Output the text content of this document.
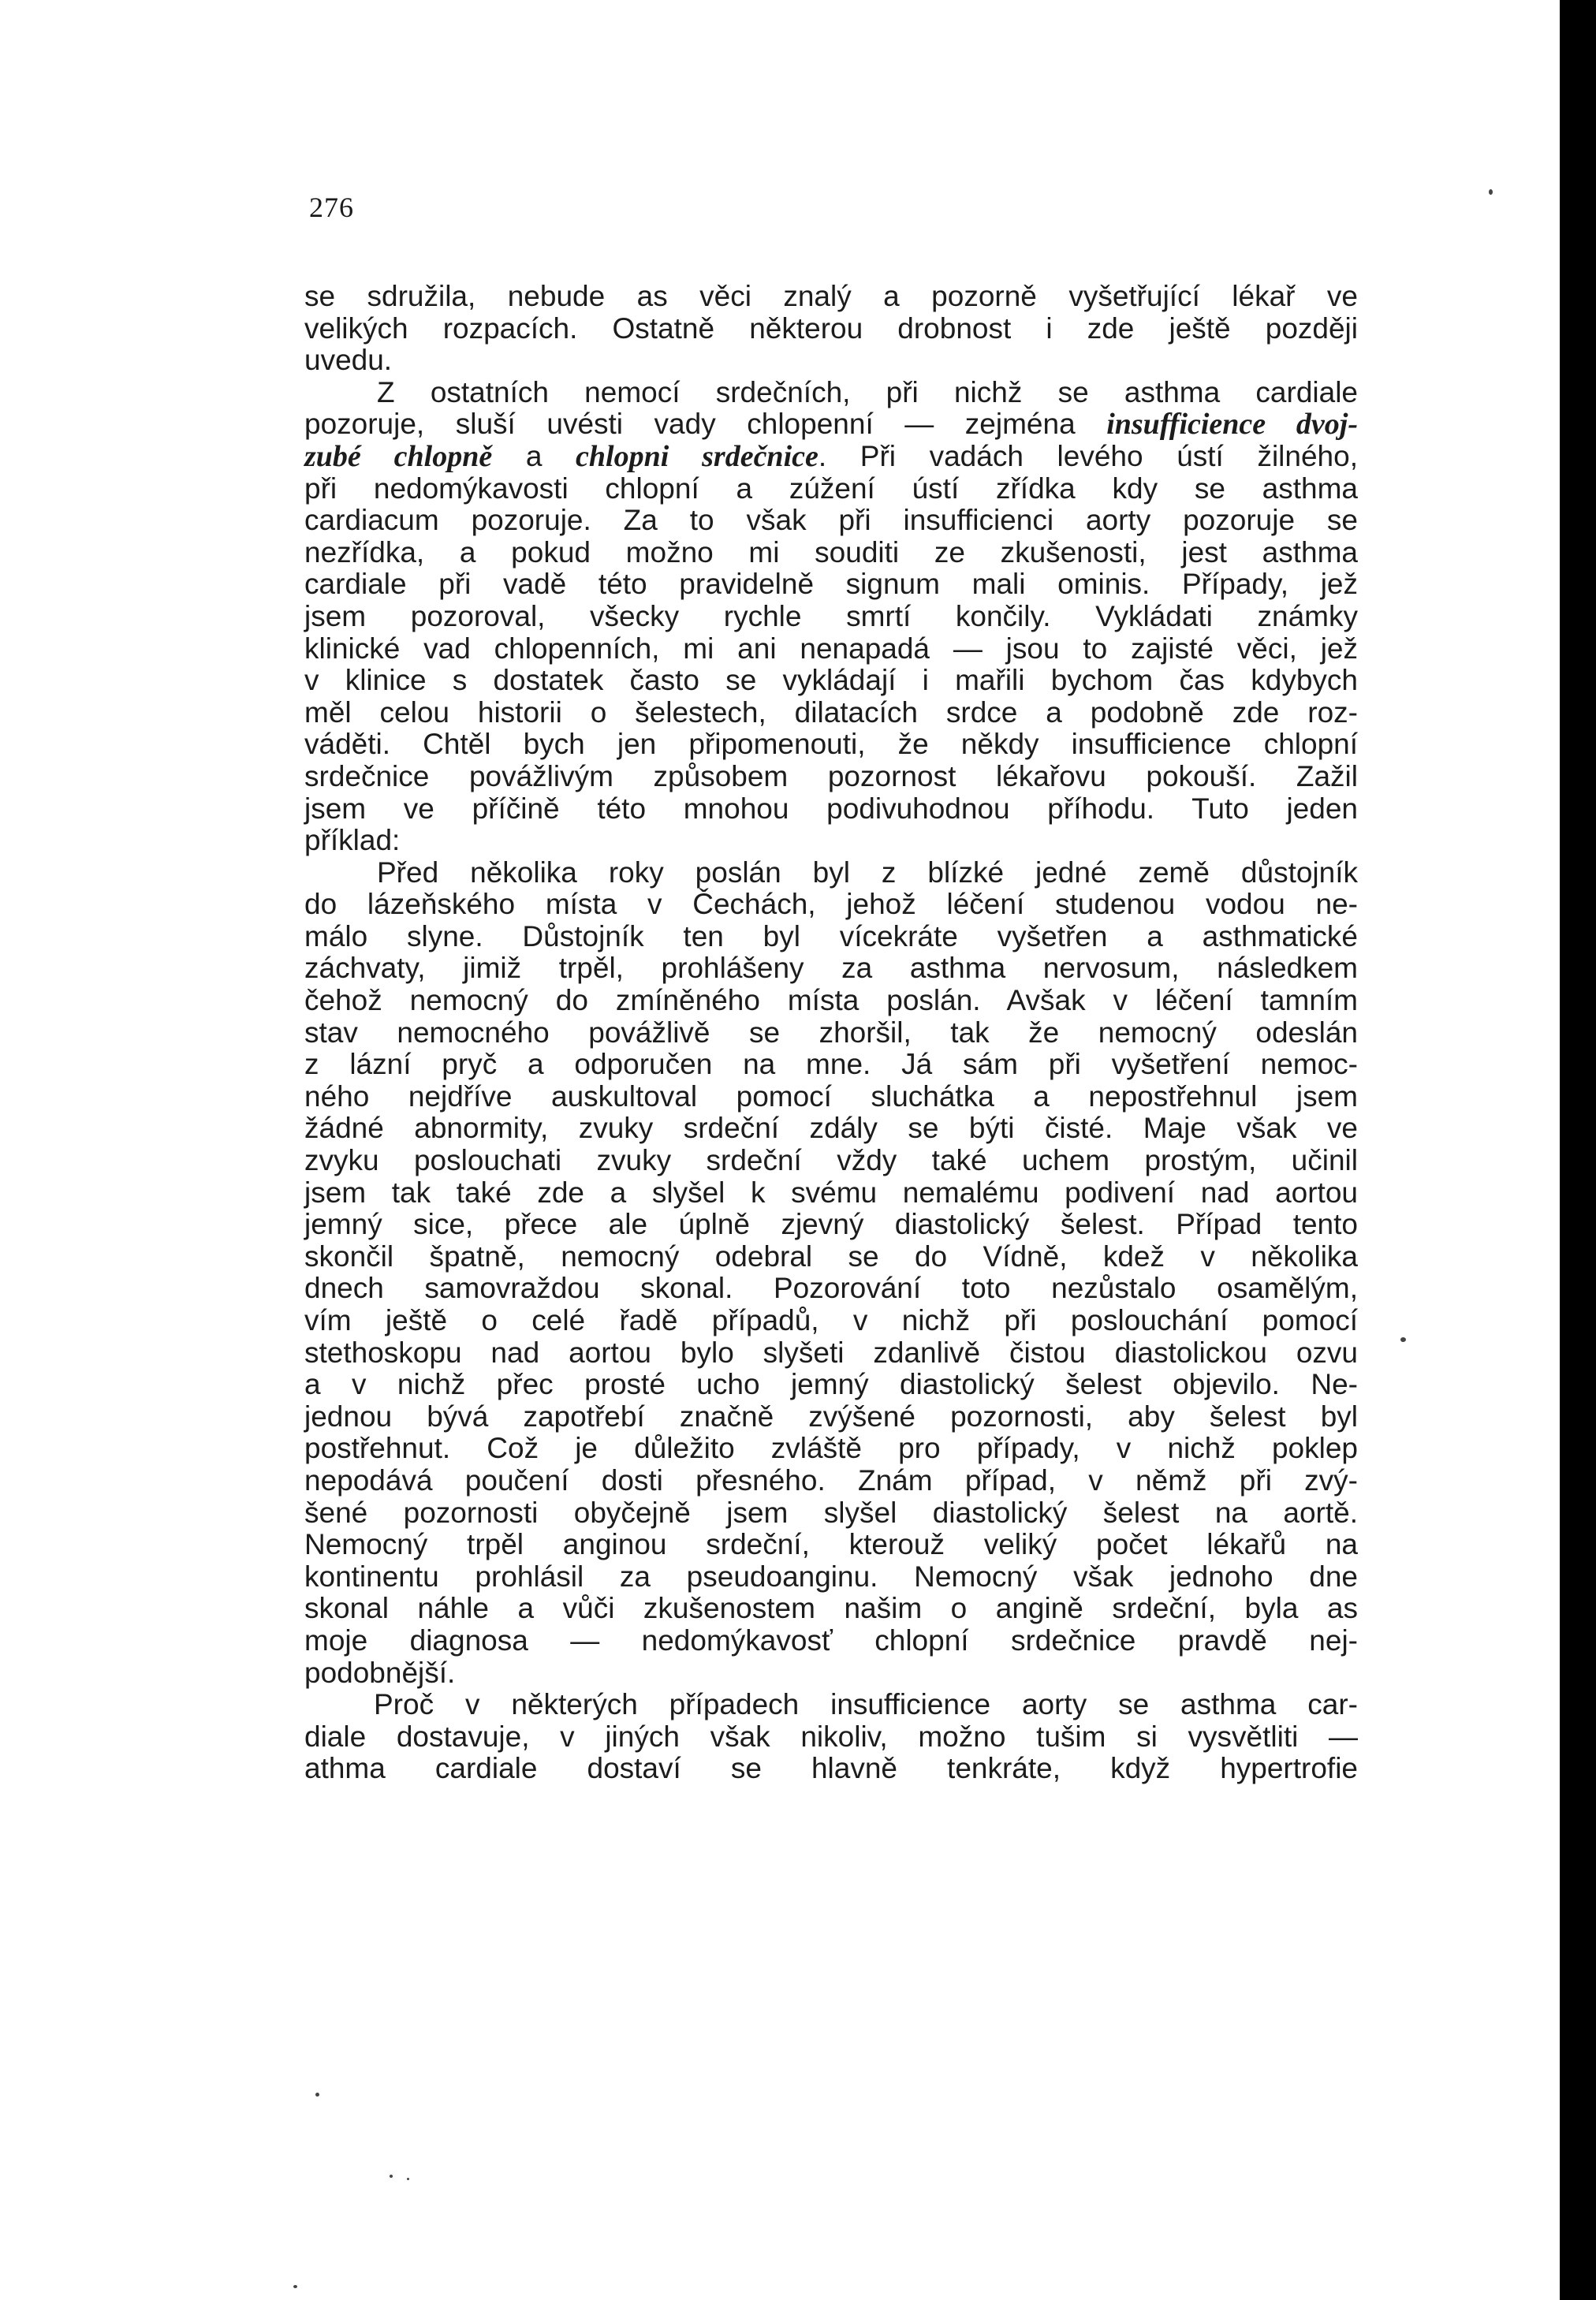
276
se sdružila, nebude as věci znalý a pozorně vyšetřující lékař ve
velikých rozpacích. Ostatně některou drobnost i zde ještě později
uvedu.
Z ostatních nemocí srdečních, při nichž se asthma cardiale
pozoruje, sluší uvésti vady chlopenní — zejména insufficience dvoj-
zubé chlopně a chlopni srdečnice. Při vadách levého ústí žilného,
při nedomýkavosti chlopní a zúžení ústí zřídka kdy se asthma
cardiacum pozoruje. Za to však při insufficienci aorty pozoruje se
nezřídka, a pokud možno mi souditi ze zkušenosti, jest asthma
cardiale při vadě této pravidelně signum mali ominis. Případy, jež
jsem pozoroval, všecky rychle smrtí končily. Vykládati známky
klinické vad chlopenních, mi ani nenapadá — jsou to zajisté věci, jež
v klinice s dostatek často se vykládají i mařili bychom čas kdybych
měl celou historii o šelestech, dilatacích srdce a podobně zde roz-
váděti. Chtěl bych jen připomenouti, že někdy insufficience chlopní
srdečnice povážlivým způsobem pozornost lékařovu pokouší. Zažil
jsem ve příčině této mnohou podivuhodnou příhodu. Tuto jeden
příklad:
Před několika roky poslán byl z blízké jedné země důstojník
do lázeňského místa v Čechách, jehož léčení studenou vodou ne-
málo slyne. Důstojník ten byl vícekráte vyšetřen a asthmatické
záchvaty, jimiž trpěl, prohlášeny za asthma nervosum, následkem
čehož nemocný do zmíněného místa poslán. Avšak v léčení tamním
stav nemocného povážlivě se zhoršil, tak že nemocný odeslán
z lázní pryč a odporučen na mne. Já sám při vyšetření nemoc-
ného nejdříve auskultoval pomocí sluchátka a nepostřehnul jsem
žádné abnormity, zvuky srdeční zdály se býti čisté. Maje však ve
zvyku poslouchati zvuky srdeční vždy také uchem prostým, učinil
jsem tak také zde a slyšel k svému nemalému podivení nad aortou
jemný sice, přece ale úplně zjevný diastolický šelest. Případ tento
skončil špatně, nemocný odebral se do Vídně, kdež v několika
dnech samovraždou skonal. Pozorování toto nezůstalo osamělým,
vím ještě o celé řadě případů, v nichž při poslouchání pomocí
stethoskopu nad aortou bylo slyšeti zdanlivě čistou diastolickou ozvu
a v nichž přec prosté ucho jemný diastolický šelest objevilo. Ne-
jednou bývá zapotřebí značně zvýšené pozornosti, aby šelest byl
postřehnut. Což je důležito zvláště pro případy, v nichž poklep
nepodává poučení dosti přesného. Znám případ, v němž při zvý-
šené pozornosti obyčejně jsem slyšel diastolický šelest na aortě.
Nemocný trpěl anginou srdeční, kterouž veliký počet lékařů na
kontinentu prohlásil za pseudoanginu. Nemocný však jednoho dne
skonal náhle a vůči zkušenostem našim o angině srdeční, byla as
moje diagnosa — nedomýkavosť chlopní srdečnice pravdě nej-
podobnější.
Proč v některých případech insufficience aorty se asthma car-
diale dostavuje, v jiných však nikoliv, možno tušim si vysvětliti —
athma cardiale dostaví se hlavně tenkráte, když hypertrofie
